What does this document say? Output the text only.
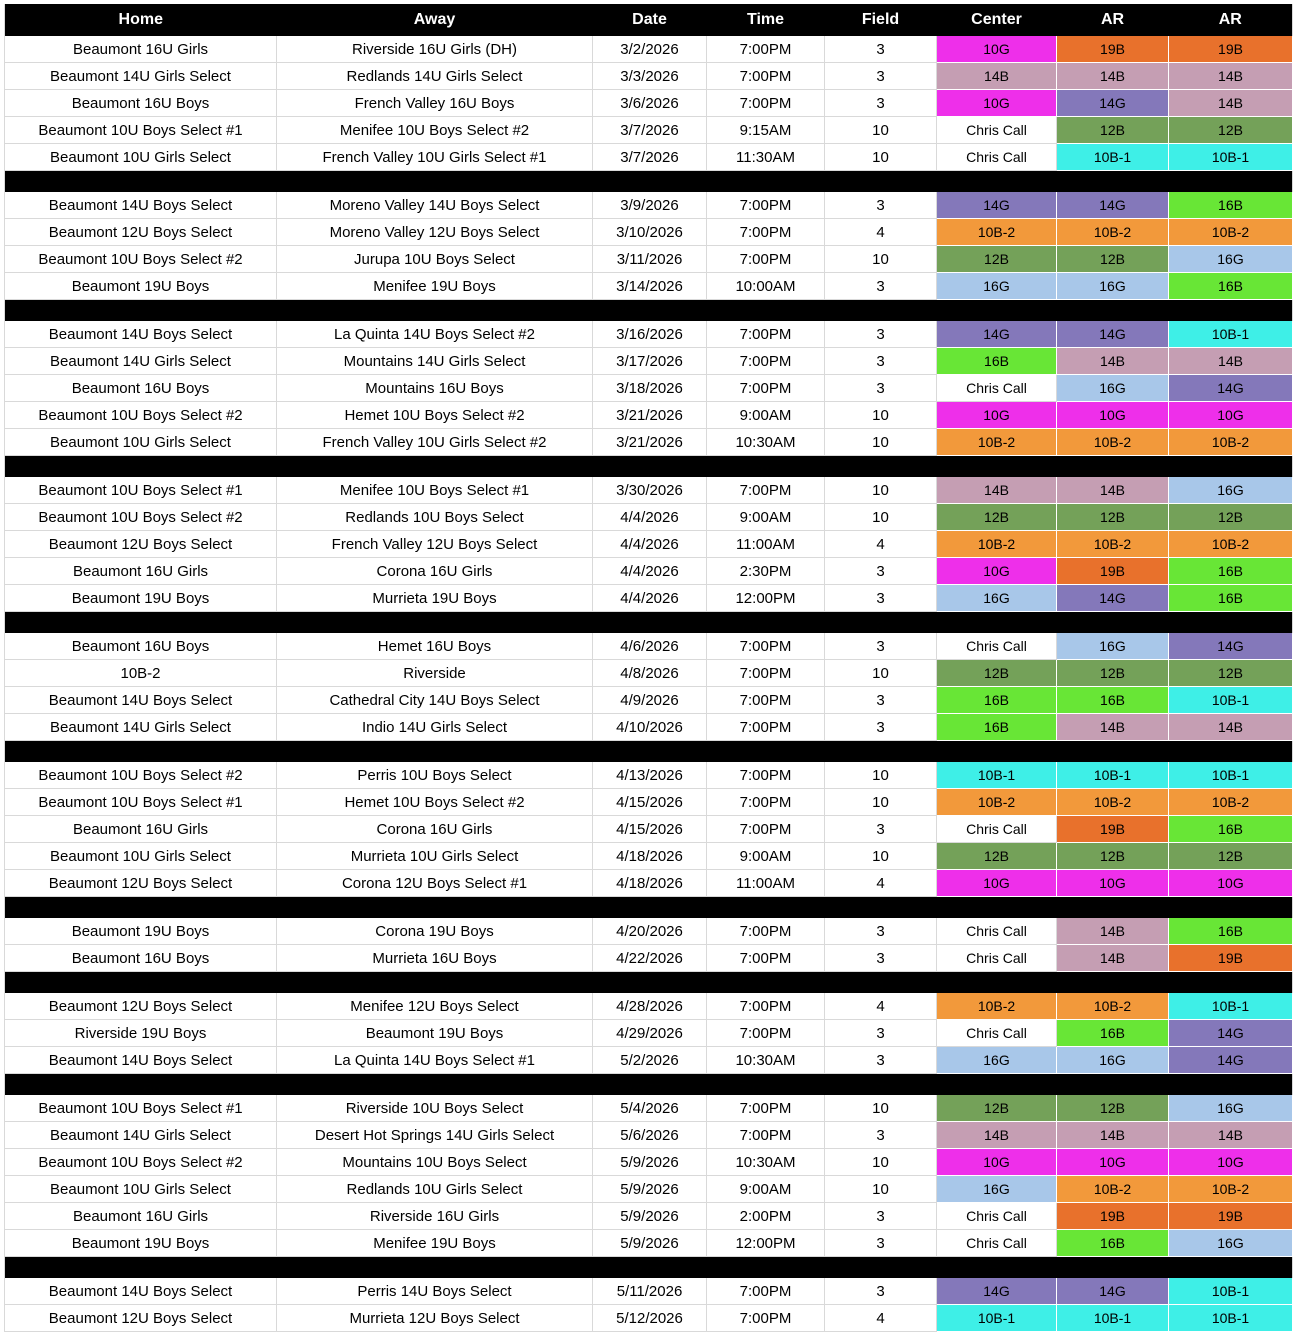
Home	Away	Date	Time	Field	Center	AR	AR
Beaumont 16U Girls	Riverside 16U Girls (DH)	3/2/2026	7:00PM	3	10G	19B	19B
Beaumont 14U Girls Select	Redlands 14U Girls Select	3/3/2026	7:00PM	3	14B	14B	14B
Beaumont 16U Boys	French Valley 16U Boys	3/6/2026	7:00PM	3	10G	14G	14B
Beaumont 10U Boys Select #1	Menifee 10U Boys Select #2	3/7/2026	9:15AM	10	Chris Call	12B	12B
Beaumont 10U Girls Select	French Valley 10U Girls Select #1	3/7/2026	11:30AM	10	Chris Call	10B-1	10B-1

Beaumont 14U Boys Select	Moreno Valley 14U Boys Select	3/9/2026	7:00PM	3	14G	14G	16B
Beaumont 12U Boys Select	Moreno Valley 12U Boys Select	3/10/2026	7:00PM	4	10B-2	10B-2	10B-2
Beaumont 10U Boys Select #2	Jurupa 10U Boys Select	3/11/2026	7:00PM	10	12B	12B	16G
Beaumont 19U Boys	Menifee 19U Boys	3/14/2026	10:00AM	3	16G	16G	16B

Beaumont 14U Boys Select	La Quinta 14U Boys Select #2	3/16/2026	7:00PM	3	14G	14G	10B-1
Beaumont 14U Girls Select	Mountains 14U Girls Select	3/17/2026	7:00PM	3	16B	14B	14B
Beaumont 16U Boys	Mountains 16U Boys	3/18/2026	7:00PM	3	Chris Call	16G	14G
Beaumont 10U Boys Select #2	Hemet 10U Boys Select #2	3/21/2026	9:00AM	10	10G	10G	10G
Beaumont 10U Girls Select	French Valley 10U Girls Select #2	3/21/2026	10:30AM	10	10B-2	10B-2	10B-2

Beaumont 10U Boys Select #1	Menifee 10U Boys Select #1	3/30/2026	7:00PM	10	14B	14B	16G
Beaumont 10U Boys Select #2	Redlands 10U Boys Select	4/4/2026	9:00AM	10	12B	12B	12B
Beaumont 12U Boys Select	French Valley 12U Boys Select	4/4/2026	11:00AM	4	10B-2	10B-2	10B-2
Beaumont 16U Girls	Corona 16U Girls	4/4/2026	2:30PM	3	10G	19B	16B
Beaumont 19U Boys	Murrieta 19U Boys	4/4/2026	12:00PM	3	16G	14G	16B

Beaumont 16U Boys	Hemet 16U Boys	4/6/2026	7:00PM	3	Chris Call	16G	14G
10B-2	Riverside	4/8/2026	7:00PM	10	12B	12B	12B
Beaumont 14U Boys Select	Cathedral City 14U Boys Select	4/9/2026	7:00PM	3	16B	16B	10B-1
Beaumont 14U Girls Select	Indio 14U Girls Select	4/10/2026	7:00PM	3	16B	14B	14B

Beaumont 10U Boys Select #2	Perris 10U Boys Select	4/13/2026	7:00PM	10	10B-1	10B-1	10B-1
Beaumont 10U Boys Select #1	Hemet 10U Boys Select #2	4/15/2026	7:00PM	10	10B-2	10B-2	10B-2
Beaumont 16U Girls	Corona 16U Girls	4/15/2026	7:00PM	3	Chris Call	19B	16B
Beaumont 10U Girls Select	Murrieta 10U Girls Select	4/18/2026	9:00AM	10	12B	12B	12B
Beaumont 12U Boys Select	Corona 12U Boys Select #1	4/18/2026	11:00AM	4	10G	10G	10G

Beaumont 19U Boys	Corona 19U Boys	4/20/2026	7:00PM	3	Chris Call	14B	16B
Beaumont 16U Boys	Murrieta 16U Boys	4/22/2026	7:00PM	3	Chris Call	14B	19B

Beaumont 12U Boys Select	Menifee 12U Boys Select	4/28/2026	7:00PM	4	10B-2	10B-2	10B-1
Riverside 19U Boys	Beaumont 19U Boys	4/29/2026	7:00PM	3	Chris Call	16B	14G
Beaumont 14U Boys Select	La Quinta 14U Boys Select #1	5/2/2026	10:30AM	3	16G	16G	14G

Beaumont 10U Boys Select #1	Riverside 10U Boys Select	5/4/2026	7:00PM	10	12B	12B	16G
Beaumont 14U Girls Select	Desert Hot Springs 14U Girls Select	5/6/2026	7:00PM	3	14B	14B	14B
Beaumont 10U Boys Select #2	Mountains 10U Boys Select	5/9/2026	10:30AM	10	10G	10G	10G
Beaumont 10U Girls Select	Redlands 10U Girls Select	5/9/2026	9:00AM	10	16G	10B-2	10B-2
Beaumont 16U Girls	Riverside 16U Girls	5/9/2026	2:00PM	3	Chris Call	19B	19B
Beaumont 19U Boys	Menifee 19U Boys	5/9/2026	12:00PM	3	Chris Call	16B	16G

Beaumont 14U Boys Select	Perris 14U Boys Select	5/11/2026	7:00PM	3	14G	14G	10B-1
Beaumont 12U Boys Select	Murrieta 12U Boys Select	5/12/2026	7:00PM	4	10B-1	10B-1	10B-1
